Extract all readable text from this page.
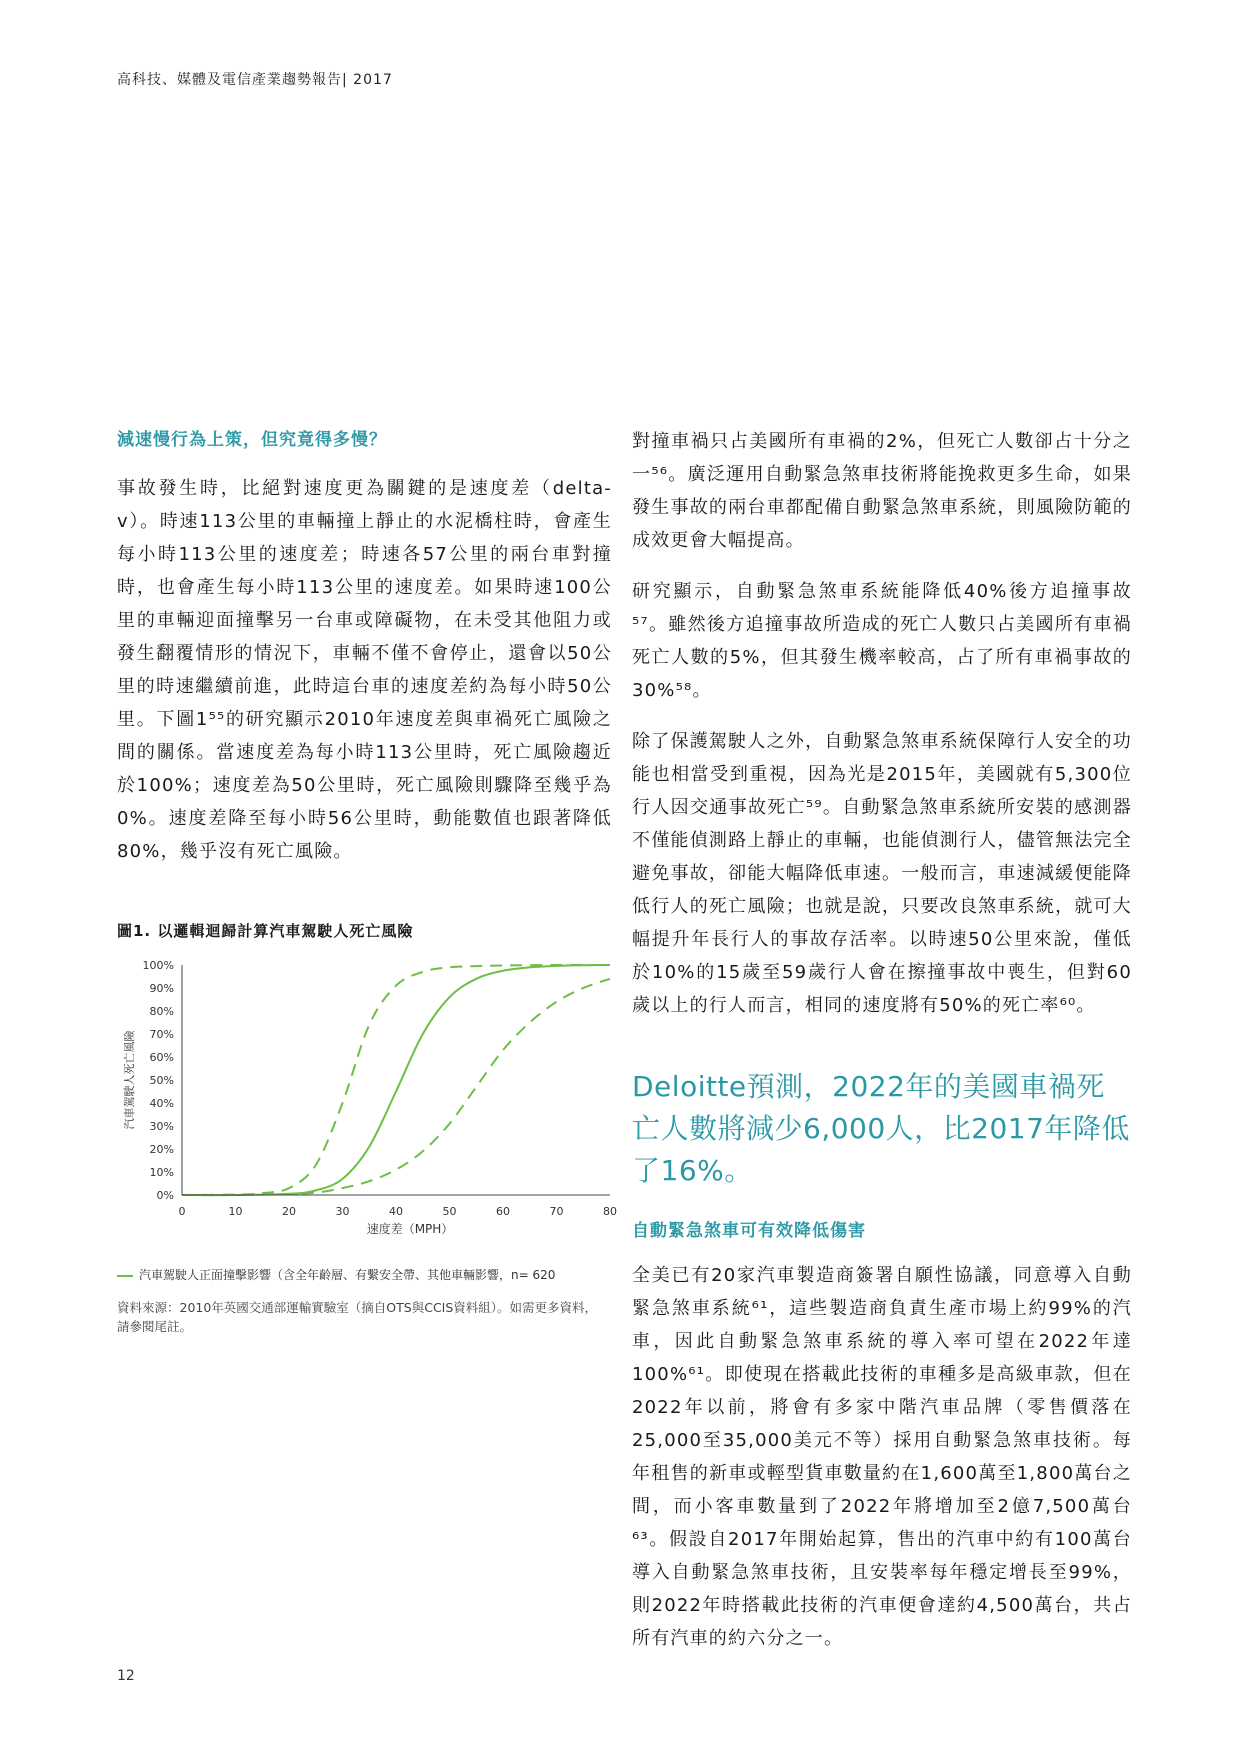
高科技、媒體及電信產業趨勢報告| 2017
減速慢行為上策，但究竟得多慢？

事故發生時，比絕對速度更為關鍵的是速度差（delta-v）。時速113公里的車輛撞上靜止的水泥橋柱時，會產生每小時113公里的速度差；時速各57公里的兩台車對撞時，也會產生每小時113公里的速度差。如果時速100公里的車輛迎面撞擊另一台車或障礙物，在未受其他阻力或發生翻覆情形的情況下，車輛不僅不會停止，還會以50公里的時速繼續前進，此時這台車的速度差約為每小時50公里。下圖1⁵⁵的研究顯示2010年速度差與車禍死亡風險之間的關係。當速度差為每小時113公里時，死亡風險趨近於100%；速度差為50公里時，死亡風險則驟降至幾乎為0%。速度差降至每小時56公里時，動能數值也跟著降低80%，幾乎沒有死亡風險。

圖1. 以邏輯迴歸計算汽車駕駛人死亡風險

0%
10%
20%
30%
40%
50%
60%
70%
80%
90%
100%
0	10	20	30	40	50	60	70	80
汽車駕駛人死亡風險
速度差（MPH）
汽車駕駛人正面撞擊影響（含全年齡層、有繫安全帶、其他車輛影響，n= 620
資料來源：2010年英國交通部運輸實驗室（摘自OTS與CCIS資料組）。如需更多資料，請參閱尾註。

對撞車禍只占美國所有車禍的2%，但死亡人數卻占十分之一⁵⁶。廣泛運用自動緊急煞車技術將能挽救更多生命，如果發生事故的兩台車都配備自動緊急煞車系統，則風險防範的成效更會大幅提高。

研究顯示，自動緊急煞車系統能降低40%後方追撞事故⁵⁷。雖然後方追撞事故所造成的死亡人數只占美國所有車禍死亡人數的5%，但其發生機率較高，占了所有車禍事故的30%⁵⁸。

除了保護駕駛人之外，自動緊急煞車系統保障行人安全的功能也相當受到重視，因為光是2015年，美國就有5,300位行人因交通事故死亡⁵⁹。自動緊急煞車系統所安裝的感測器不僅能偵測路上靜止的車輛，也能偵測行人，儘管無法完全避免事故，卻能大幅降低車速。一般而言，車速減緩便能降低行人的死亡風險；也就是說，只要改良煞車系統，就可大幅提升年長行人的事故存活率。以時速50公里來說，僅低於10%的15歲至59歲行人會在擦撞事故中喪生，但對60歲以上的行人而言，相同的速度將有50%的死亡率⁶⁰。

Deloitte預測，2022年的美國車禍死亡人數將減少6,000人，比2017年降低了16%。

自動緊急煞車可有效降低傷害

全美已有20家汽車製造商簽署自願性協議，同意導入自動緊急煞車系統⁶¹，這些製造商負責生產市場上約99%的汽車，因此自動緊急煞車系統的導入率可望在2022年達100%⁶¹。即使現在搭載此技術的車種多是高級車款，但在2022年以前，將會有多家中階汽車品牌（零售價落在25,000至35,000美元不等）採用自動緊急煞車技術。每年租售的新車或輕型貨車數量約在1,600萬至1,800萬台之間，而小客車數量到了2022年將增加至2億7,500萬台⁶³。假設自2017年開始起算，售出的汽車中約有100萬台導入自動緊急煞車技術，且安裝率每年穩定增長至99%，則2022年時搭載此技術的汽車便會達約4,500萬台，共占所有汽車的約六分之一。

12
